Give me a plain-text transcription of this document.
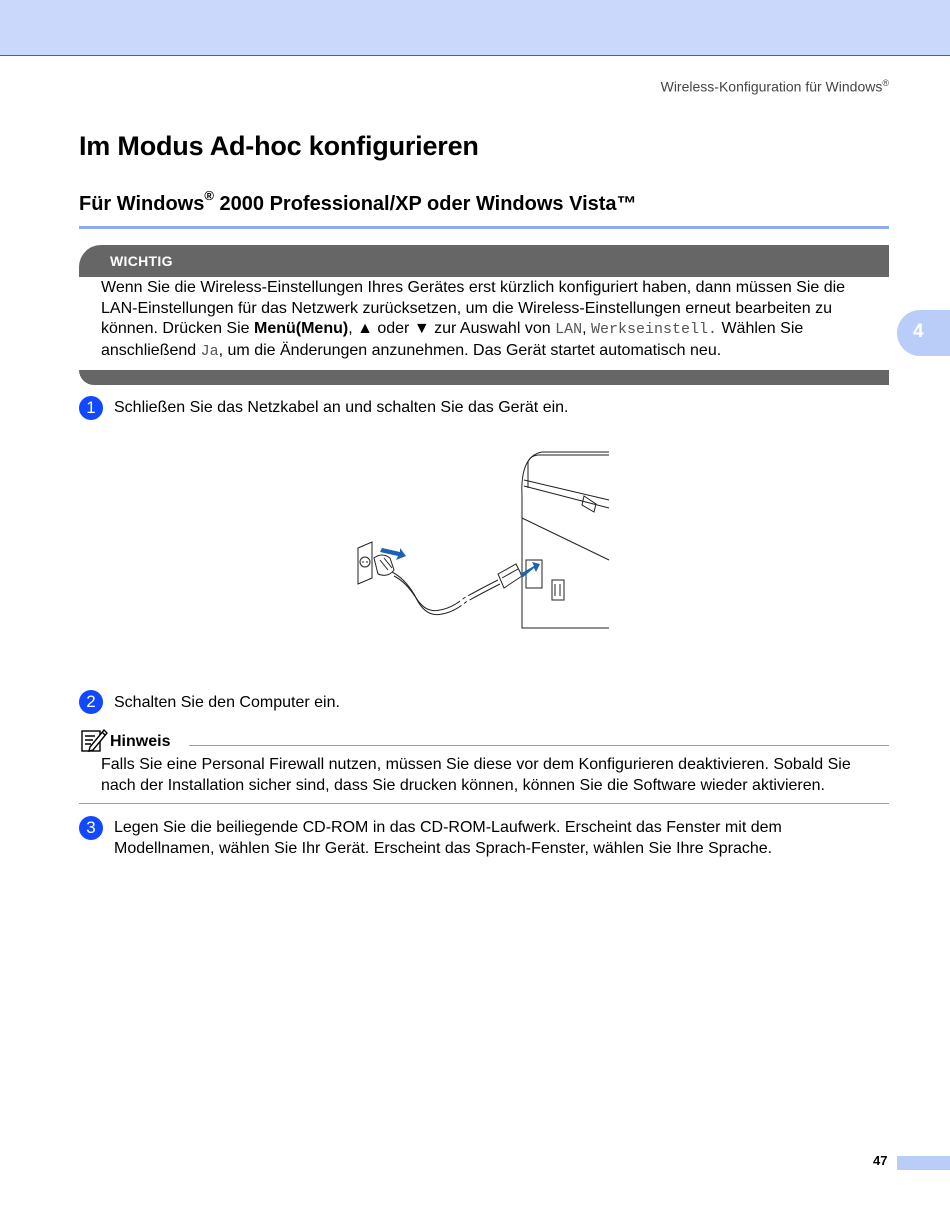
Wireless-Konfiguration für Windows®
4
Im Modus Ad-hoc konfigurieren
Für Windows® 2000 Professional/XP oder Windows Vista™
WICHTIG
Wenn Sie die Wireless-Einstellungen Ihres Gerätes erst kürzlich konfiguriert haben, dann müssen Sie die
LAN-Einstellungen für das Netzwerk zurücksetzen, um die Wireless-Einstellungen erneut bearbeiten zu
können. Drücken Sie Menü(Menu), ▲ oder ▼ zur Auswahl von LAN, Werkseinstell. Wählen Sie
anschließend Ja, um die Änderungen anzunehmen. Das Gerät startet automatisch neu.
1	Schließen Sie das Netzkabel an und schalten Sie das Gerät ein.
2	Schalten Sie den Computer ein.
Hinweis
Falls Sie eine Personal Firewall nutzen, müssen Sie diese vor dem Konfigurieren deaktivieren. Sobald Sie
nach der Installation sicher sind, dass Sie drucken können, können Sie die Software wieder aktivieren.
3	Legen Sie die beiliegende CD-ROM in das CD-ROM-Laufwerk. Erscheint das Fenster mit dem
Modellnamen, wählen Sie Ihr Gerät. Erscheint das Sprach-Fenster, wählen Sie Ihre Sprache.
47
